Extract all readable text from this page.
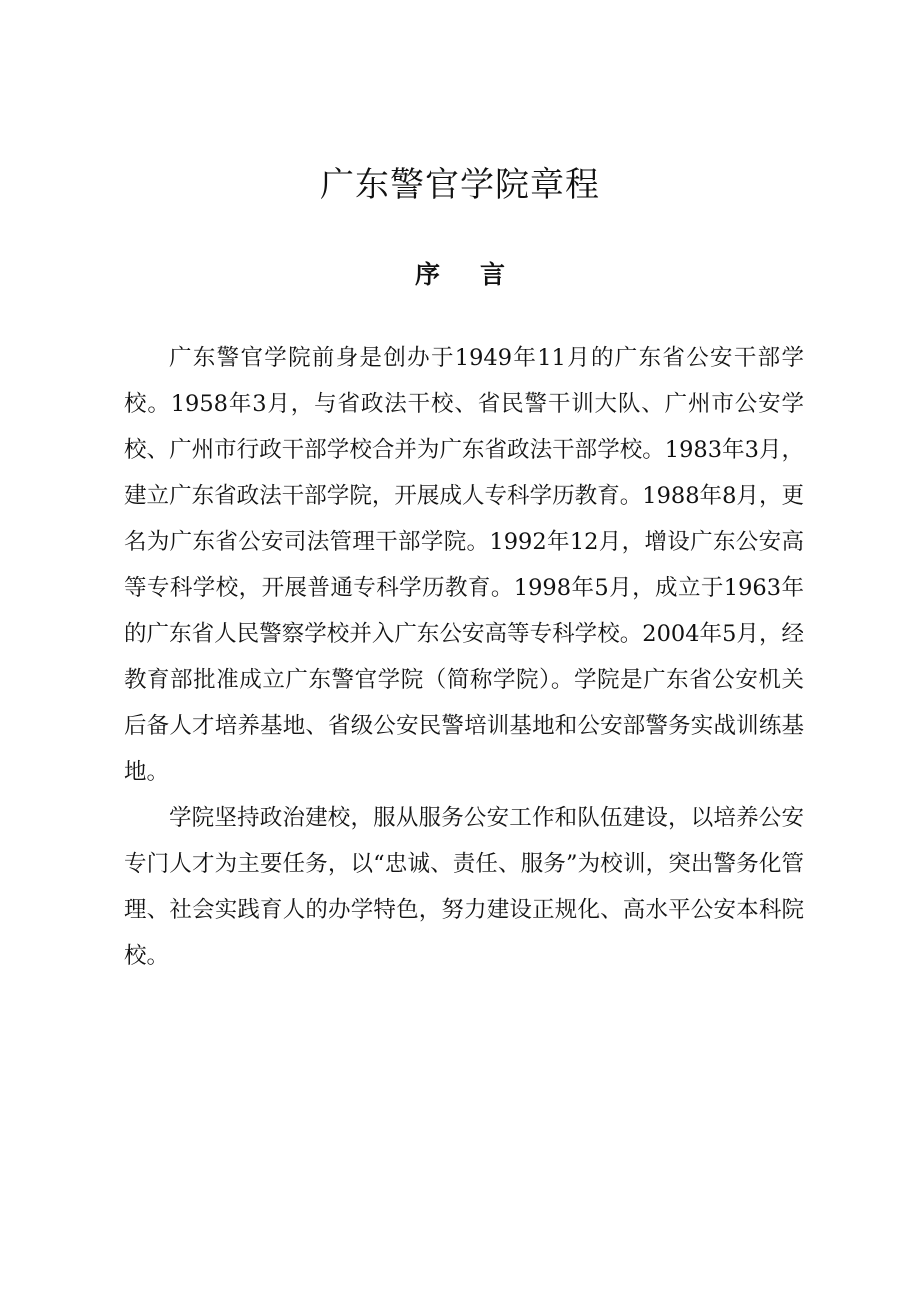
广东警官学院章程
序 言

广东警官学院前身是创办于1949年11月的广东省公安干部学校。1958年3月，与省政法干校、省民警干训大队、广州市公安学校、广州市行政干部学校合并为广东省政法干部学校。1983年3月，建立广东省政法干部学院，开展成人专科学历教育。1988年8月，更名为广东省公安司法管理干部学院。1992年12月，增设广东公安高等专科学校，开展普通专科学历教育。1998年5月，成立于1963年的广东省人民警察学校并入广东公安高等专科学校。2004年5月，经教育部批准成立广东警官学院（简称学院）。学院是广东省公安机关后备人才培养基地、省级公安民警培训基地和公安部警务实战训练基地。

学院坚持政治建校，服从服务公安工作和队伍建设，以培养公安专门人才为主要任务，以“忠诚、责任、服务”为校训，突出警务化管理、社会实践育人的办学特色，努力建设正规化、高水平公安本科院校。
